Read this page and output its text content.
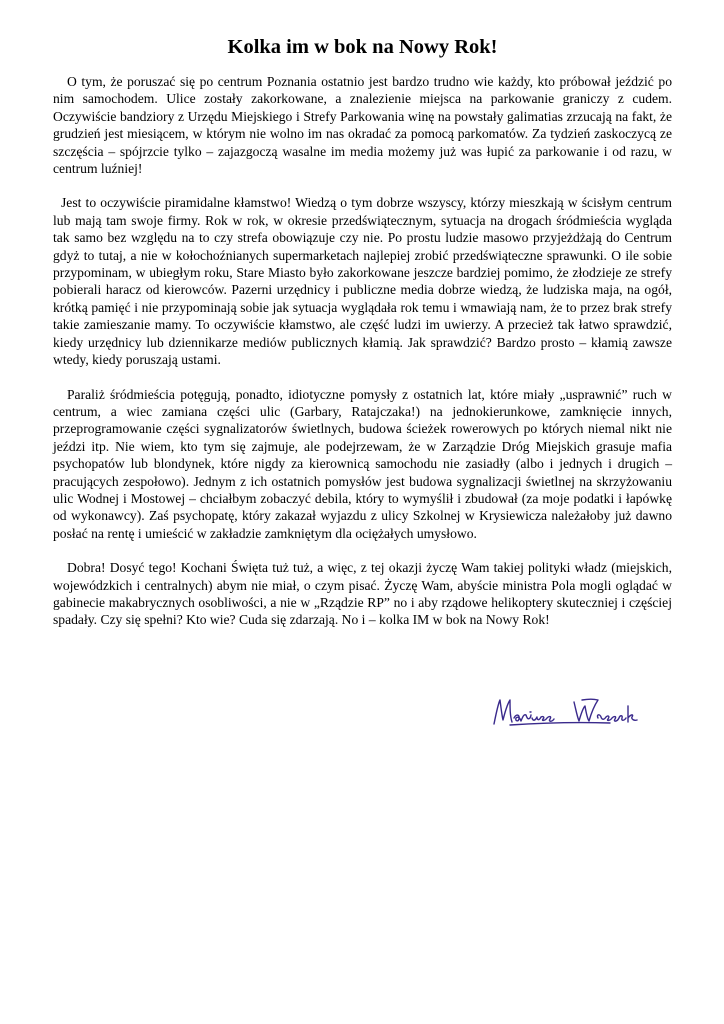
Kolka im w bok na Nowy Rok!

O tym, że poruszać się po centrum Poznania ostatnio jest bardzo trudno wie każdy, kto próbował jeździć po nim samochodem. Ulice zostały zakorkowane, a znalezienie miejsca na parkowanie graniczy z cudem. Oczywiście bandziory z Urzędu Miejskiego i Strefy Parkowania winę na powstały galimatias zrzucają na fakt, że grudzień jest miesiącem, w którym nie wolno im nas okradać za pomocą parkomatów. Za tydzień zaskoczycą ze szczęścia – spójrzcie tylko – zajazgoczą wasalne im media możemy już was łupić za parkowanie i od razu, w centrum luźniej!

Jest to oczywiście piramidalne kłamstwo! Wiedzą o tym dobrze wszyscy, którzy mieszkają w ścisłym centrum lub mają tam swoje firmy. Rok w rok, w okresie przedświątecznym, sytuacja na drogach śródmieścia wygląda tak samo bez względu na to czy strefa obowiązuje czy nie. Po prostu ludzie masowo przyjeżdżają do Centrum gdyż to tutaj, a nie w kołochoźnianych supermarketach najlepiej zrobić przedświąteczne sprawunki. O ile sobie przypominam, w ubiegłym roku, Stare Miasto było zakorkowane jeszcze bardziej pomimo, że złodzieje ze strefy pobierali haracz od kierowców. Pazerni urzędnicy i publiczne media dobrze wiedzą, że ludziska maja, na ogół, krótką pamięć i nie przypominają sobie jak sytuacja wyglądała rok temu i wmawiają nam, że to przez brak strefy takie zamieszanie mamy. To oczywiście kłamstwo, ale część ludzi im uwierzy. A przecież tak łatwo sprawdzić, kiedy urzędnicy lub dziennikarze mediów publicznych kłamią. Jak sprawdzić? Bardzo prosto – kłamią zawsze wtedy, kiedy poruszają ustami.

Paraliż śródmieścia potęgują, ponadto, idiotyczne pomysły z ostatnich lat, które miały „usprawnić” ruch w centrum, a wiec zamiana części ulic (Garbary, Ratajczaka!) na jednokierunkowe, zamknięcie innych, przeprogramowanie części sygnalizatorów świetlnych, budowa ścieżek rowerowych po których niemal nikt nie jeździ itp. Nie wiem, kto tym się zajmuje, ale podejrzewam, że w Zarządzie Dróg Miejskich grasuje mafia psychopatów lub blondynek, które nigdy za kierownicą samochodu nie zasiadły (albo i jednych i drugich – pracujących zespołowo). Jednym z ich ostatnich pomysłów jest budowa sygnalizacji świetlnej na skrzyżowaniu ulic Wodnej i Mostowej – chciałbym zobaczyć debila, który to wymyślił i zbudował (za moje podatki i łapówkę od wykonawcy). Zaś psychopatę, który zakazał wyjazdu z ulicy Szkolnej w Krysiewicza należałoby już dawno posłać na rentę i umieścić w zakładzie zamkniętym dla ociężałych umysłowo.

Dobra! Dosyć tego! Kochani Święta tuż tuż, a więc, z tej okazji życzę Wam takiej polityki władz (miejskich, wojewódzkich i centralnych) abym nie miał, o czym pisać. Życzę Wam, abyście ministra Pola mogli oglądać w gabinecie makabrycznych osobliwości, a nie w „Rządzie RP” no i aby rządowe helikoptery skuteczniej i częściej spadały. Czy się spełni? Kto wie? Cuda się zdarzają. No i – kolka IM w bok na Nowy Rok!
